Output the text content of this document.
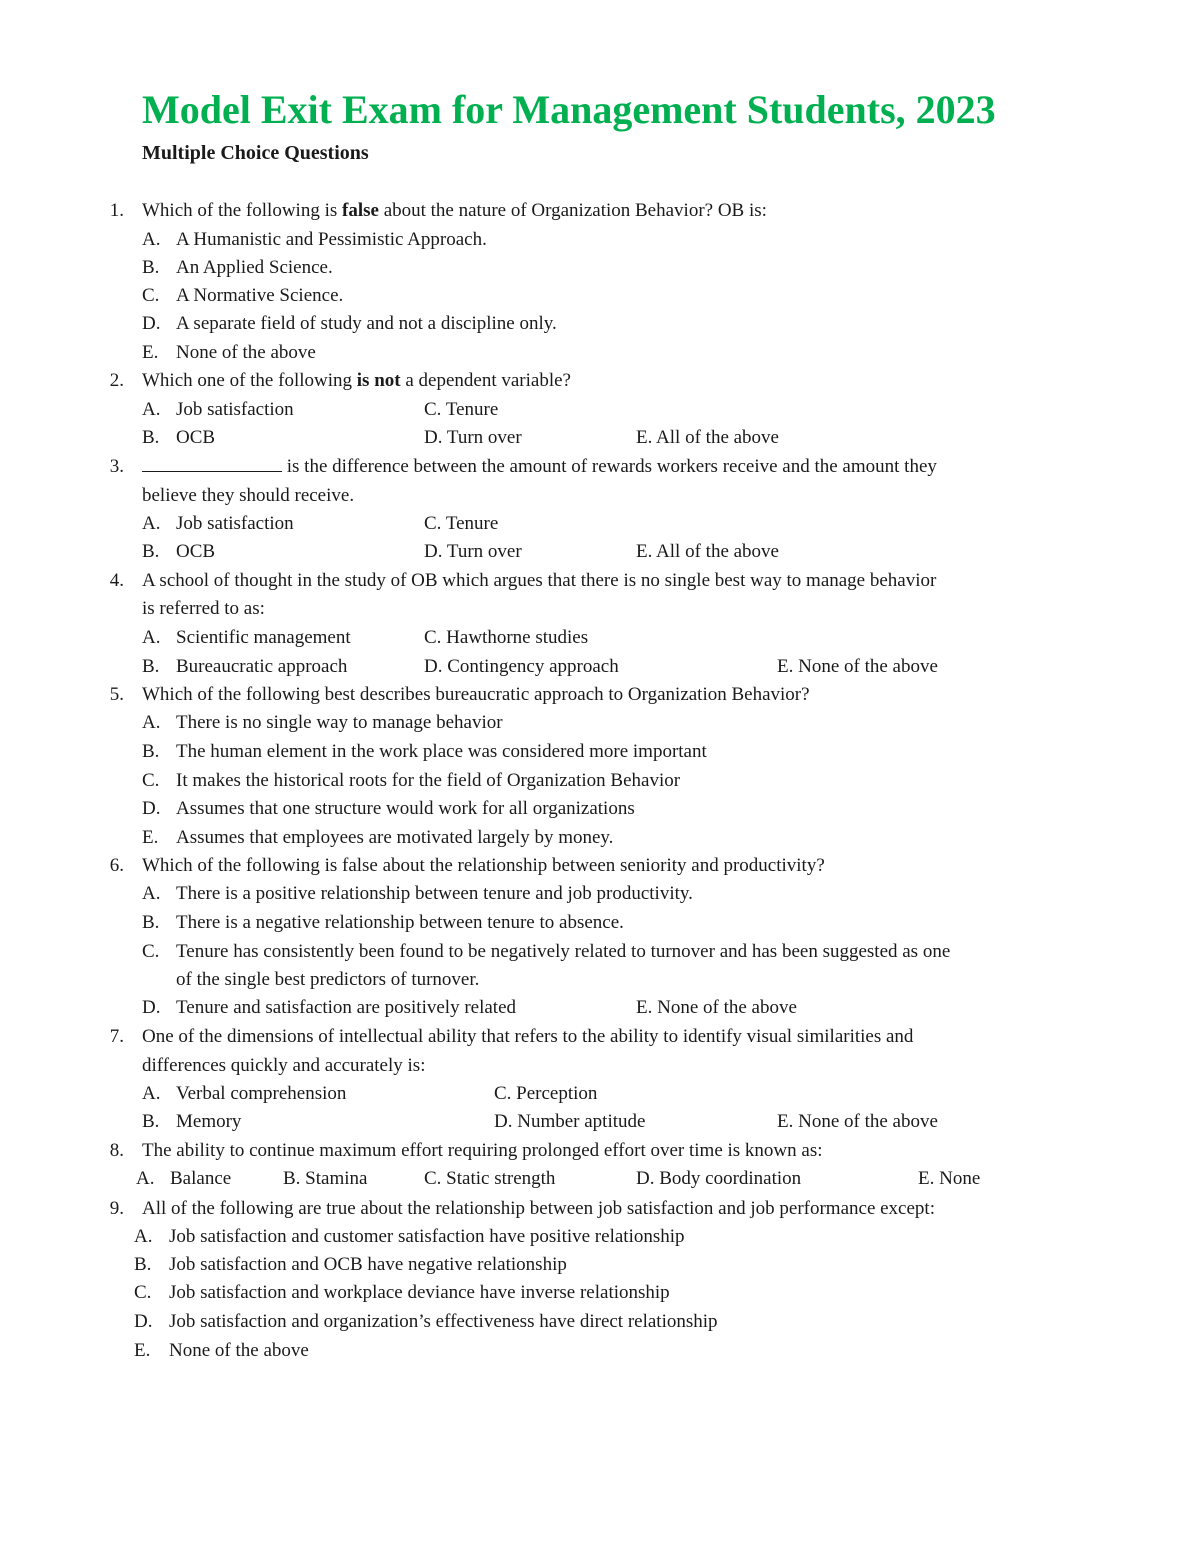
Model Exit Exam for Management Students, 2023
Multiple Choice Questions
1. Which of the following is false about the nature of Organization Behavior? OB is:
A. A Humanistic and Pessimistic Approach.
B. An Applied Science.
C. A Normative Science.
D. A separate field of study and not a discipline only.
E. None of the above
2. Which one of the following is not a dependent variable?
A. Job satisfaction	C. Tenure
B. OCB	D. Turn over	E. All of the above
3.	is the difference between the amount of rewards workers receive and the amount they
believe they should receive.
A. Job satisfaction	C. Tenure
B. OCB	D. Turn over	E. All of the above
4. A school of thought in the study of OB which argues that there is no single best way to manage behavior
is referred to as:
A. Scientific management	C. Hawthorne studies
B. Bureaucratic approach	D. Contingency approach	E. None of the above
5. Which of the following best describes bureaucratic approach to Organization Behavior?
A. There is no single way to manage behavior
B. The human element in the work place was considered more important
C. It makes the historical roots for the field of Organization Behavior
D. Assumes that one structure would work for all organizations
E. Assumes that employees are motivated largely by money.
6. Which of the following is false about the relationship between seniority and productivity?
A. There is a positive relationship between tenure and job productivity.
B. There is a negative relationship between tenure to absence.
C. Tenure has consistently been found to be negatively related to turnover and has been suggested as one
of the single best predictors of turnover.
D. Tenure and satisfaction are positively related	E. None of the above
7. One of the dimensions of intellectual ability that refers to the ability to identify visual similarities and
differences quickly and accurately is:
A. Verbal comprehension	C. Perception
B. Memory	D. Number aptitude	E. None of the above
8. The ability to continue maximum effort requiring prolonged effort over time is known as:
A. Balance	B. Stamina	C. Static strength	D. Body coordination	E. None
9. All of the following are true about the relationship between job satisfaction and job performance except:
A. Job satisfaction and customer satisfaction have positive relationship
B. Job satisfaction and OCB have negative relationship
C. Job satisfaction and workplace deviance have inverse relationship
D. Job satisfaction and organization’s effectiveness have direct relationship
E. None of the above
